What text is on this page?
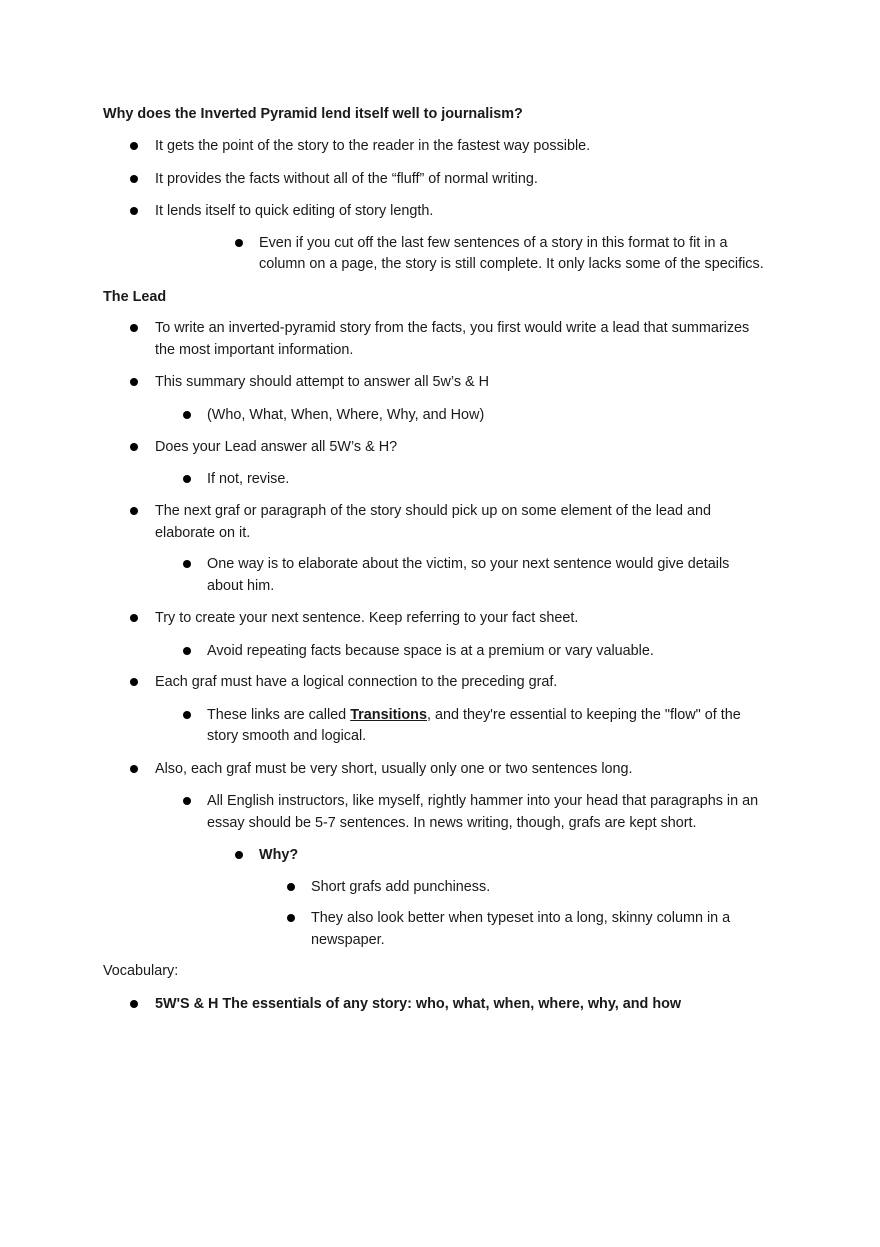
Why does the Inverted Pyramid lend itself well to journalism?
It gets the point of the story to the reader in the fastest way possible.
It provides the facts without all of the “fluff” of normal writing.
It lends itself to quick editing of story length.
Even if you cut off the last few sentences of a story in this format to fit in a
column on a page, the story is still complete. It only lacks some of the specifics.
The Lead
To write an inverted-pyramid story from the facts, you first would write a lead that summarizes
the most important information.
This summary should attempt to answer all 5w’s & H
(Who, What, When, Where, Why, and How)
Does your Lead answer all 5W’s & H?
If not, revise.
The next graf or paragraph of the story should pick up on some element of the lead and
elaborate on it.
One way is to elaborate about the victim, so your next sentence would give details
about him.
Try to create your next sentence. Keep referring to your fact sheet.
Avoid repeating facts because space is at a premium or vary valuable.
Each graf must have a logical connection to the preceding graf.
These links are called Transitions, and they're essential to keeping the "flow" of the
story smooth and logical.
Also, each graf must be very short, usually only one or two sentences long.
All English instructors, like myself, rightly hammer into your head that paragraphs in an
essay should be 5-7 sentences. In news writing, though, grafs are kept short.
Why?
Short grafs add punchiness.
They also look better when typeset into a long, skinny column in a
newspaper.
Vocabulary:
5W'S & H The essentials of any story: who, what, when, where, why, and how
